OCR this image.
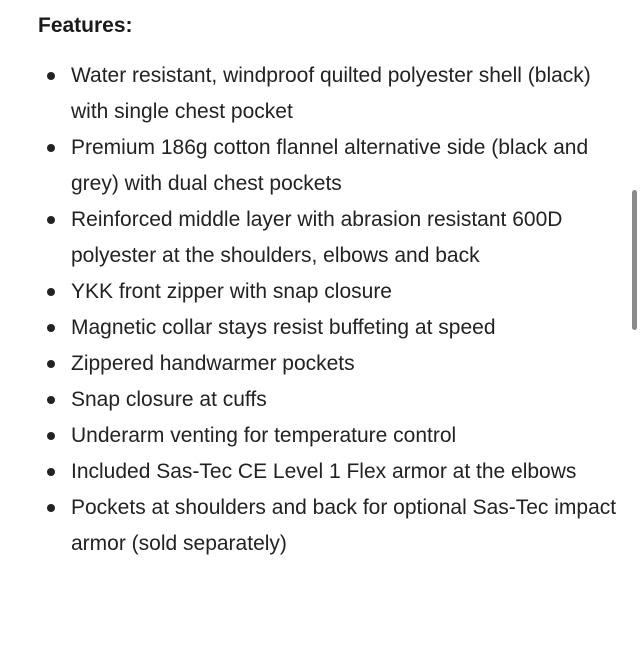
Features:
Water resistant, windproof quilted polyester shell (black) with single chest pocket
Premium 186g cotton flannel alternative side (black and grey) with dual chest pockets
Reinforced middle layer with abrasion resistant 600D polyester at the shoulders, elbows and back
YKK front zipper with snap closure
Magnetic collar stays resist buffeting at speed
Zippered handwarmer pockets
Snap closure at cuffs
Underarm venting for temperature control
Included Sas-Tec CE Level 1 Flex armor at the elbows
Pockets at shoulders and back for optional Sas-Tec impact armor (sold separately)
